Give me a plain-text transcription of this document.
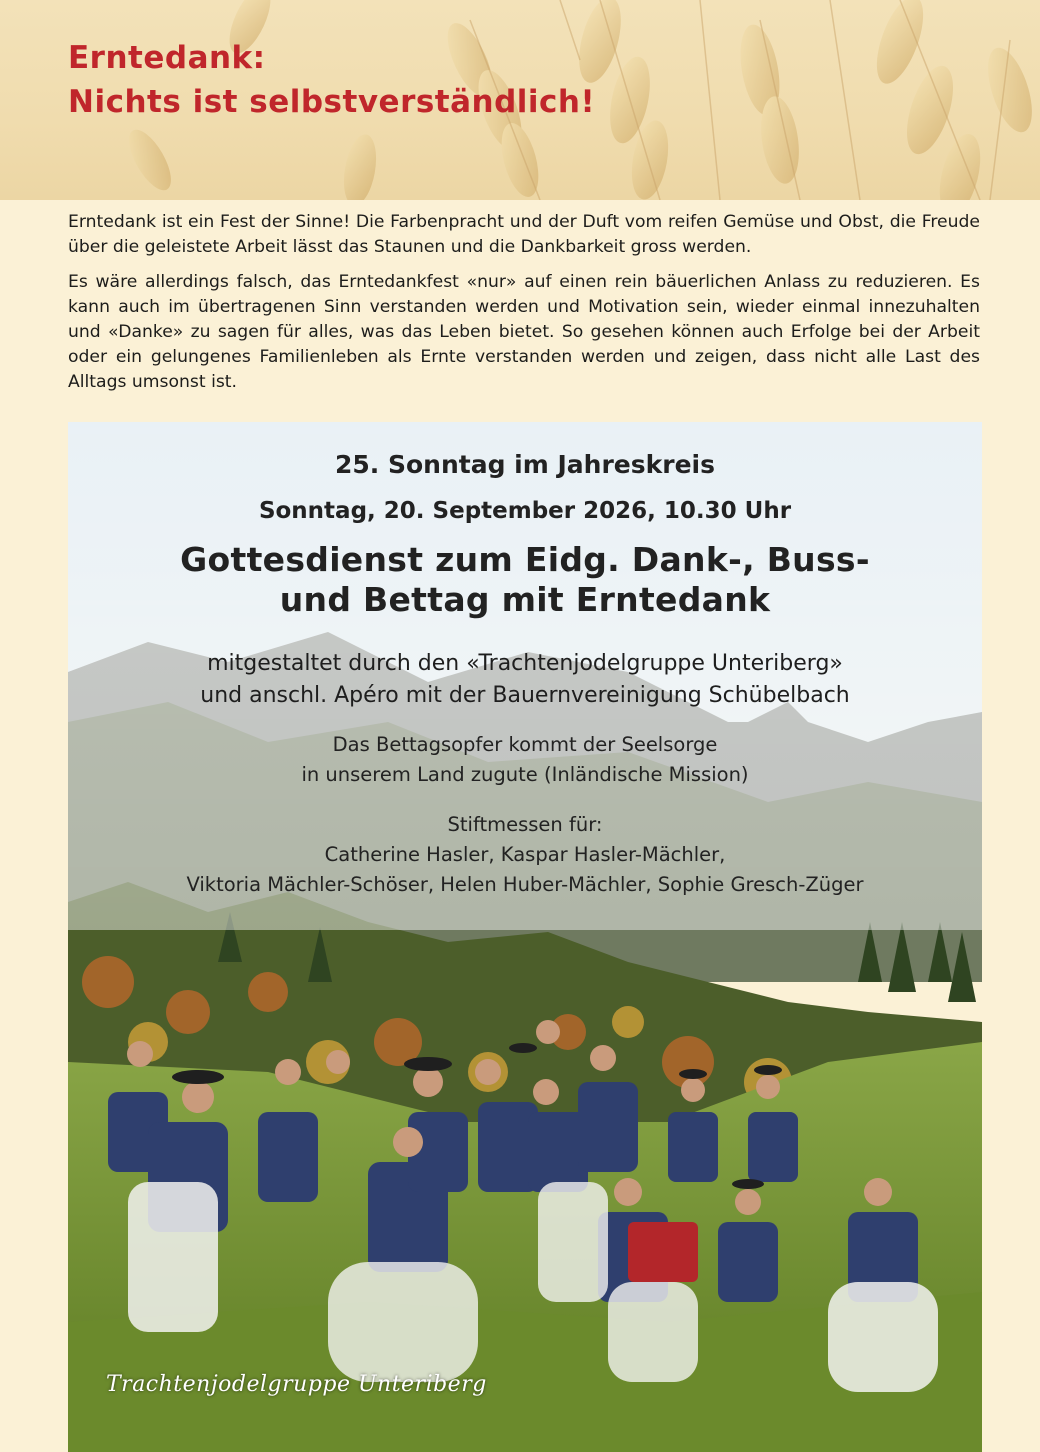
Erntedank:
Nichts ist selbstverständlich!

Erntedank ist ein Fest der Sinne! Die Farbenpracht und der Duft vom reifen Gemüse und Obst, die Freude über die geleistete Arbeit lässt das Staunen und die Dankbarkeit gross werden.

Es wäre allerdings falsch, das Erntedankfest «nur» auf einen rein bäuerlichen Anlass zu reduzieren. Es kann auch im übertragenen Sinn verstanden werden und Motivation sein, wieder einmal innezuhalten und «Danke» zu sagen für alles, was das Leben bietet. So gesehen können auch Erfolge bei der Arbeit oder ein gelungenes Familienleben als Ernte verstanden werden und zeigen, dass nicht alle Last des Alltags umsonst ist.

25. Sonntag im Jahreskreis
Sonntag, 20. September 2026, 10.30 Uhr
Gottesdienst zum Eidg. Dank-, Buss-
und Bettag mit Erntedank
mitgestaltet durch den «Trachtenjodelgruppe Unteriberg»
und anschl. Apéro mit der Bauernvereinigung Schübelbach
Das Bettagsopfer kommt der Seelsorge
in unserem Land zugute (Inländische Mission)
Stiftmessen für:
Catherine Hasler, Kaspar Hasler-Mächler,
Viktoria Mächler-Schöser, Helen Huber-Mächler, Sophie Gresch-Züger
Trachtenjodelgruppe Unteriberg
